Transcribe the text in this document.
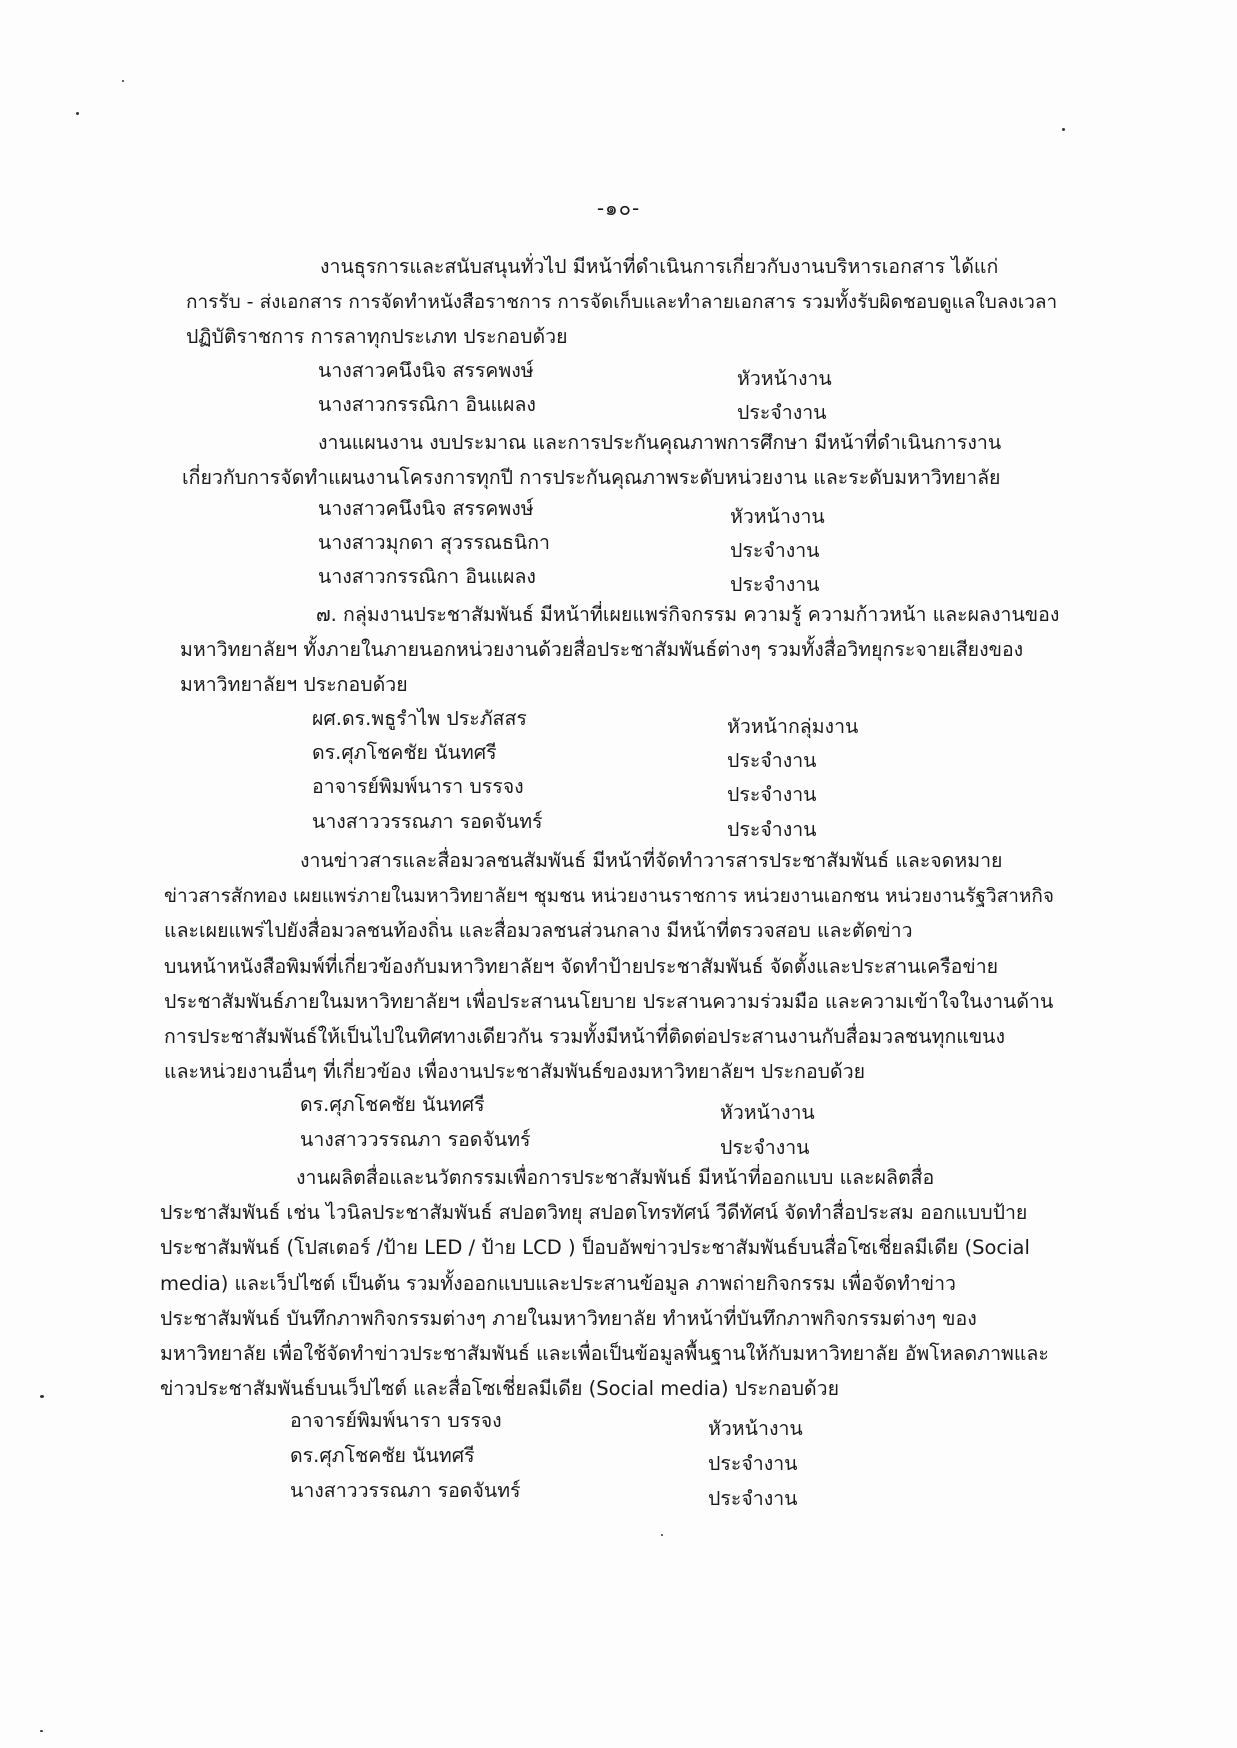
-๑๐-
งานธุรการและสนับสนุนทั่วไป มีหน้าที่ดำเนินการเกี่ยวกับงานบริหารเอกสาร ได้แก่
การรับ - ส่งเอกสาร การจัดทำหนังสือราชการ การจัดเก็บและทำลายเอกสาร รวมทั้งรับผิดชอบดูแลใบลงเวลา
ปฏิบัติราชการ การลาทุกประเภท ประกอบด้วย
นางสาวคนึงนิจ สรรคพงษ์	หัวหน้างาน
นางสาวกรรณิกา อินแผลง	ประจำงาน
งานแผนงาน งบประมาณ และการประกันคุณภาพการศึกษา มีหน้าที่ดำเนินการงาน
เกี่ยวกับการจัดทำแผนงานโครงการทุกปี การประกันคุณภาพระดับหน่วยงาน และระดับมหาวิทยาลัย
นางสาวคนึงนิจ สรรคพงษ์	หัวหน้างาน
นางสาวมุกดา สุวรรณธนิกา	ประจำงาน
นางสาวกรรณิกา อินแผลง	ประจำงาน
๗. กลุ่มงานประชาสัมพันธ์ มีหน้าที่เผยแพร่กิจกรรม ความรู้ ความก้าวหน้า และผลงานของ
มหาวิทยาลัยฯ ทั้งภายในภายนอกหน่วยงานด้วยสื่อประชาสัมพันธ์ต่างๆ รวมทั้งสื่อวิทยุกระจายเสียงของ
มหาวิทยาลัยฯ ประกอบด้วย
ผศ.ดร.พธูรำไพ ประภัสสร	หัวหน้ากลุ่มงาน
ดร.ศุภโชคชัย นันทศรี	ประจำงาน
อาจารย์พิมพ์นารา บรรจง	ประจำงาน
นางสาววรรณภา รอดจันทร์	ประจำงาน
งานข่าวสารและสื่อมวลชนสัมพันธ์ มีหน้าที่จัดทำวารสารประชาสัมพันธ์ และจดหมาย
ข่าวสารสักทอง เผยแพร่ภายในมหาวิทยาลัยฯ ชุมชน หน่วยงานราชการ หน่วยงานเอกชน หน่วยงานรัฐวิสาหกิจ
และเผยแพร่ไปยังสื่อมวลชนท้องถิ่น และสื่อมวลชนส่วนกลาง มีหน้าที่ตรวจสอบ และตัดข่าว
บนหน้าหนังสือพิมพ์ที่เกี่ยวข้องกับมหาวิทยาลัยฯ จัดทำป้ายประชาสัมพันธ์ จัดตั้งและประสานเครือข่าย
ประชาสัมพันธ์ภายในมหาวิทยาลัยฯ เพื่อประสานนโยบาย ประสานความร่วมมือ และความเข้าใจในงานด้าน
การประชาสัมพันธ์ให้เป็นไปในทิศทางเดียวกัน รวมทั้งมีหน้าที่ติดต่อประสานงานกับสื่อมวลชนทุกแขนง
และหน่วยงานอื่นๆ ที่เกี่ยวข้อง เพื่องานประชาสัมพันธ์ของมหาวิทยาลัยฯ ประกอบด้วย
ดร.ศุภโชคชัย นันทศรี	หัวหน้างาน
นางสาววรรณภา รอดจันทร์	ประจำงาน
งานผลิตสื่อและนวัตกรรมเพื่อการประชาสัมพันธ์ มีหน้าที่ออกแบบ และผลิตสื่อ
ประชาสัมพันธ์ เช่น ไวนิลประชาสัมพันธ์ สปอตวิทยุ สปอตโทรทัศน์ วีดีทัศน์ จัดทำสื่อประสม ออกแบบป้าย
ประชาสัมพันธ์ (โปสเตอร์ /ป้าย LED / ป้าย LCD ) ป็อบอัพข่าวประชาสัมพันธ์บนสื่อโซเชี่ยลมีเดีย (Social
media) และเว็ปไซต์ เป็นต้น รวมทั้งออกแบบและประสานข้อมูล ภาพถ่ายกิจกรรม เพื่อจัดทำข่าว
ประชาสัมพันธ์ บันทึกภาพกิจกรรมต่างๆ ภายในมหาวิทยาลัย ทำหน้าที่บันทึกภาพกิจกรรมต่างๆ ของ
มหาวิทยาลัย เพื่อใช้จัดทำข่าวประชาสัมพันธ์ และเพื่อเป็นข้อมูลพื้นฐานให้กับมหาวิทยาลัย อัพโหลดภาพและ
ข่าวประชาสัมพันธ์บนเว็ปไซต์ และสื่อโซเชี่ยลมีเดีย (Social media) ประกอบด้วย
อาจารย์พิมพ์นารา บรรจง	หัวหน้างาน
ดร.ศุภโชคชัย นันทศรี	ประจำงาน
นางสาววรรณภา รอดจันทร์	ประจำงาน
